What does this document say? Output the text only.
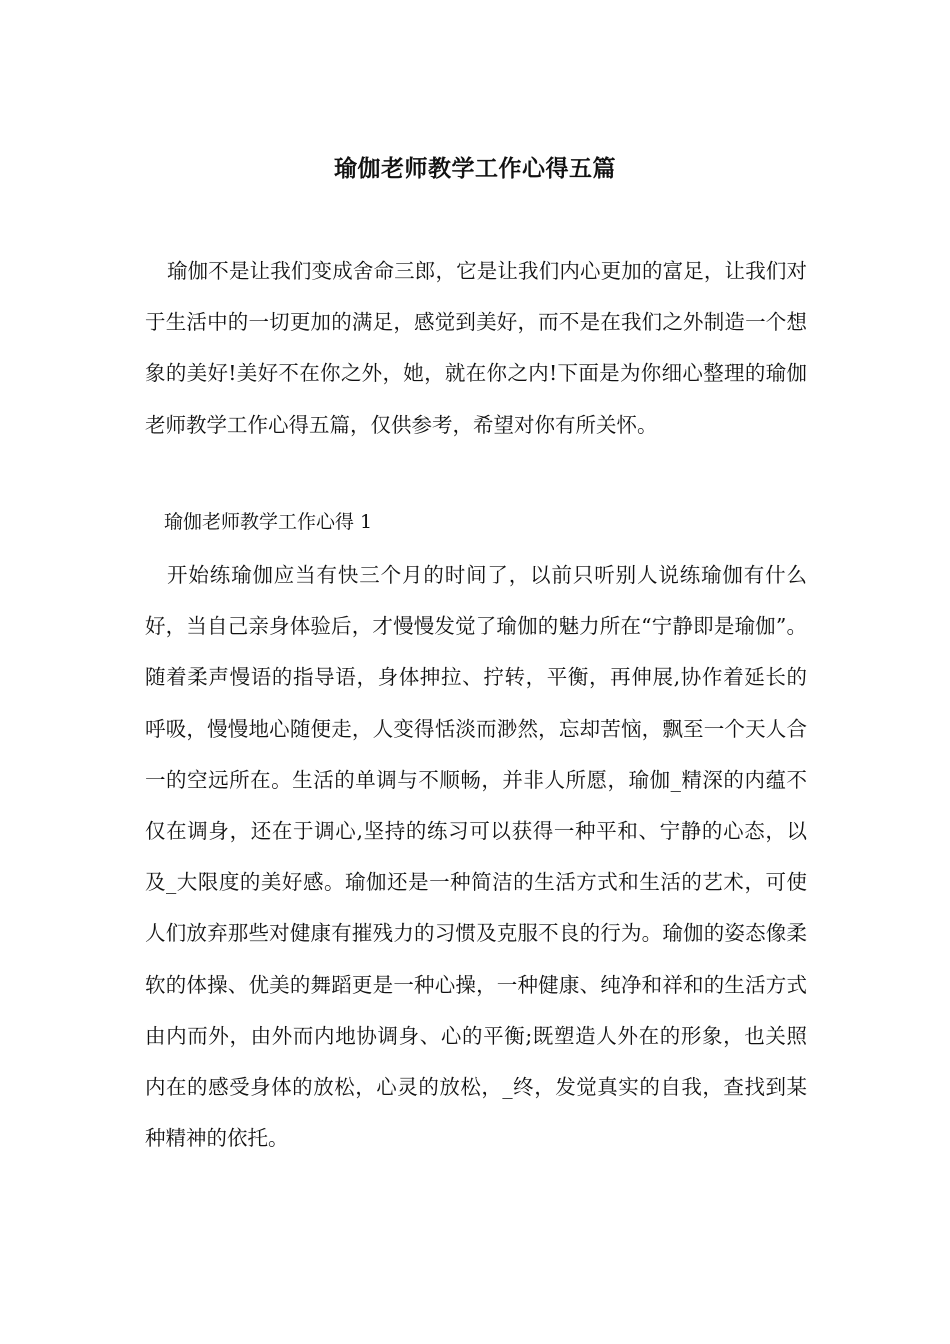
瑜伽老师教学工作心得五篇

瑜伽不是让我们变成舍命三郎，它是让我们内心更加的富足，让我们对于生活中的一切更加的满足，感觉到美好，而不是在我们之外制造一个想象的美好!美好不在你之外，她，就在你之内!下面是为你细心整理的瑜伽老师教学工作心得五篇，仅供参考，希望对你有所关怀。

瑜伽老师教学工作心得 1

开始练瑜伽应当有快三个月的时间了，以前只听别人说练瑜伽有什么好，当自己亲身体验后，才慢慢发觉了瑜伽的魅力所在“宁静即是瑜伽”。随着柔声慢语的指导语，身体抻拉、拧转，平衡，再伸展,协作着延长的呼吸，慢慢地心随便走，人变得恬淡而渺然，忘却苦恼，飘至一个天人合一的空远所在。生活的单调与不顺畅，并非人所愿，瑜伽_精深的内蕴不仅在调身，还在于调心,坚持的练习可以获得一种平和、宁静的心态，以及_大限度的美好感。瑜伽还是一种简洁的生活方式和生活的艺术，可使人们放弃那些对健康有摧残力的习惯及克服不良的行为。瑜伽的姿态像柔软的体操、优美的舞蹈更是一种心操，一种健康、纯净和祥和的生活方式由内而外，由外而内地协调身、心的平衡;既塑造人外在的形象，也关照内在的感受身体的放松，心灵的放松，_终，发觉真实的自我，查找到某种精神的依托。
